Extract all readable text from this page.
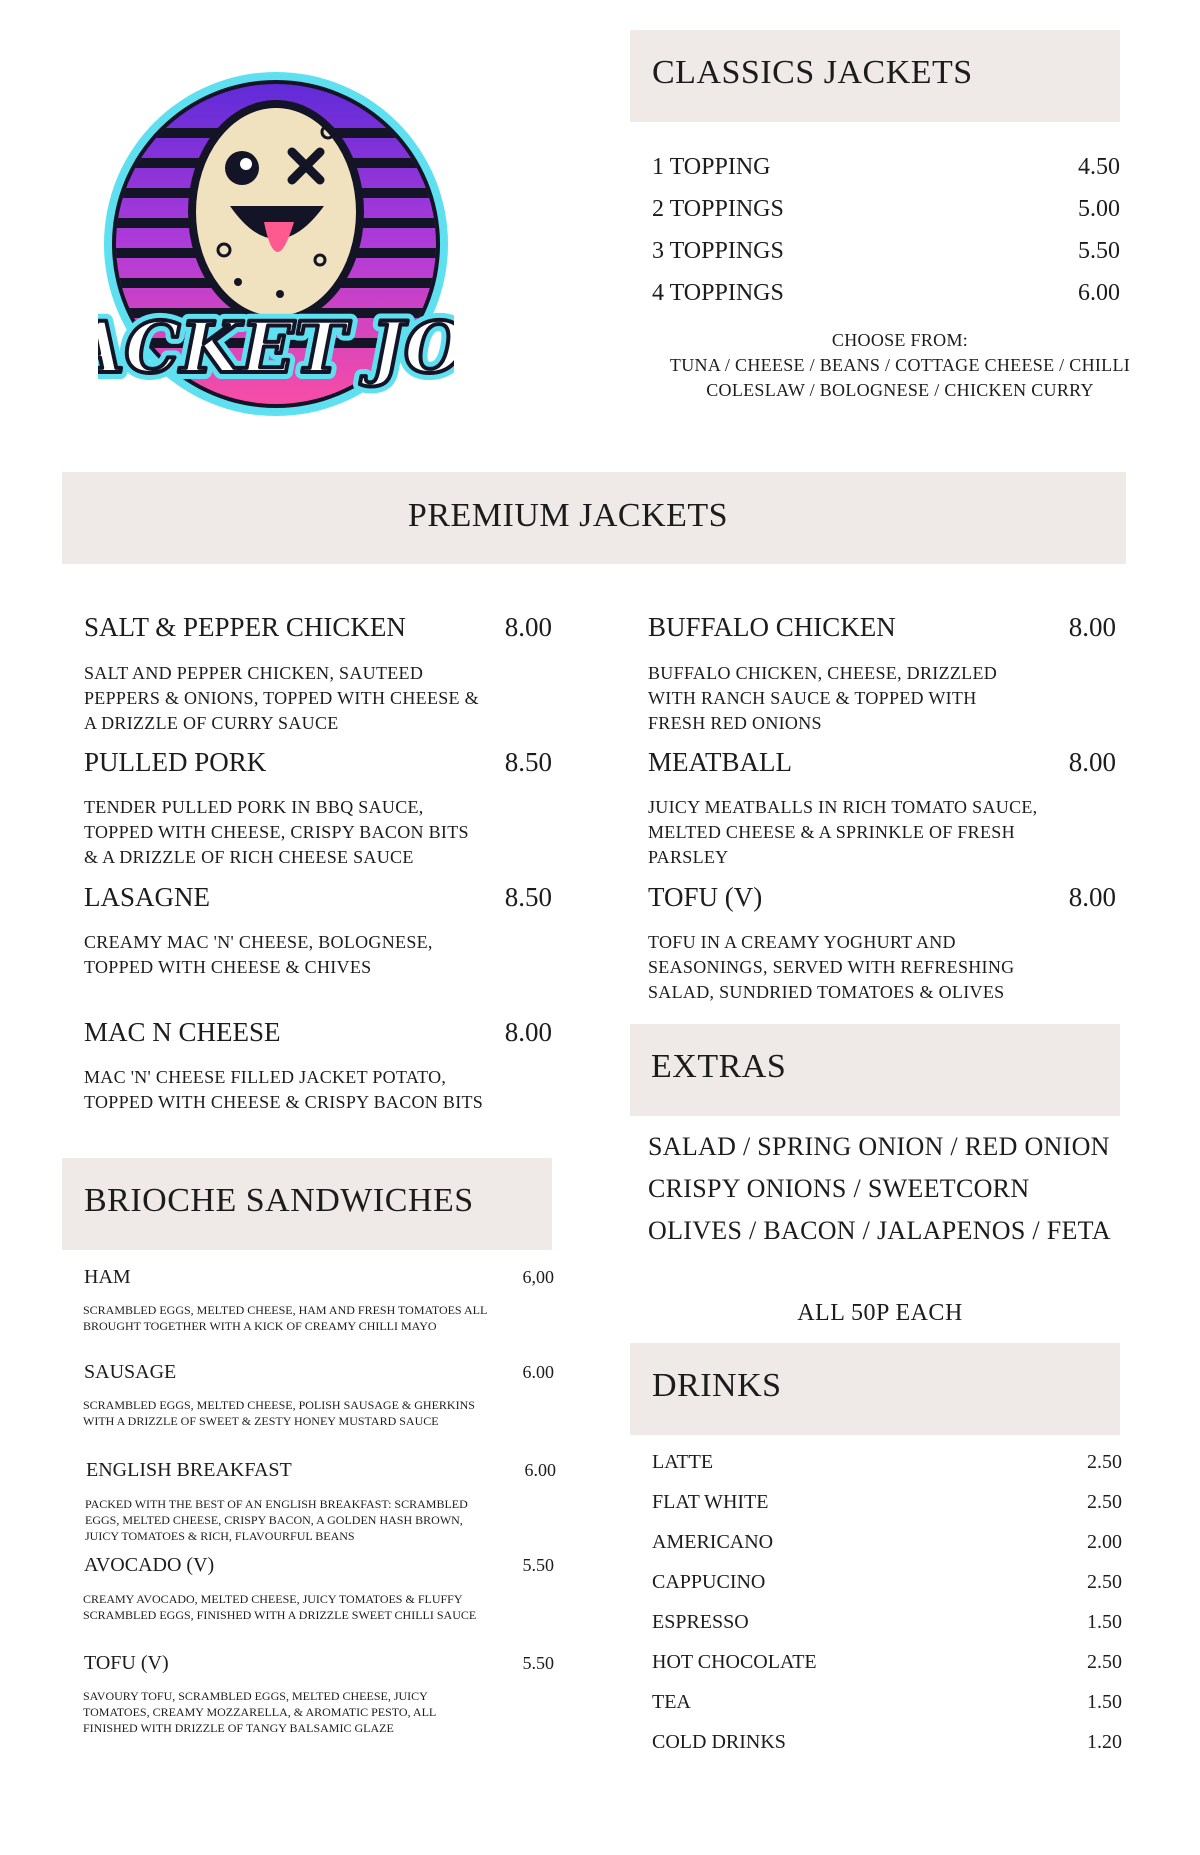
CKET J
CKET J
CLASSICS JACKETS
1 TOPPING	4.50
2 TOPPINGS	5.00
3 TOPPINGS	5.50
4 TOPPINGS	6.00
CHOOSE FROM:
TUNA / CHEESE / BEANS / COTTAGE CHEESE / CHILLI
COLESLAW / BOLOGNESE / CHICKEN CURRY
PREMIUM JACKETS
SALT & PEPPER CHICKEN	8.00
SALT AND PEPPER CHICKEN, SAUTEED PEPPERS & ONIONS, TOPPED WITH CHEESE & A DRIZZLE OF CURRY SAUCE
PULLED PORK	8.50
TENDER PULLED PORK IN BBQ SAUCE, TOPPED WITH CHEESE, CRISPY BACON BITS & A DRIZZLE OF RICH CHEESE SAUCE
LASAGNE	8.50
CREAMY MAC 'N' CHEESE, BOLOGNESE, TOPPED WITH CHEESE & CHIVES
MAC N CHEESE	8.00
MAC 'N' CHEESE FILLED JACKET POTATO, TOPPED WITH CHEESE & CRISPY BACON BITS
BUFFALO CHICKEN	8.00
BUFFALO CHICKEN, CHEESE, DRIZZLED WITH RANCH SAUCE & TOPPED WITH FRESH RED ONIONS
MEATBALL	8.00
JUICY MEATBALLS IN RICH TOMATO SAUCE, MELTED CHEESE & A SPRINKLE OF FRESH PARSLEY
TOFU (V)	8.00
TOFU IN A CREAMY YOGHURT AND SEASONINGS, SERVED WITH REFRESHING SALAD, SUNDRIED TOMATOES & OLIVES
EXTRAS
SALAD / SPRING ONION / RED ONION
CRISPY ONIONS / SWEETCORN
OLIVES / BACON / JALAPENOS / FETA
ALL 50P EACH
BRIOCHE SANDWICHES
HAM	6,00
SCRAMBLED EGGS, MELTED CHEESE, HAM AND FRESH TOMATOES ALL BROUGHT TOGETHER WITH A KICK OF CREAMY CHILLI MAYO
SAUSAGE	6.00
SCRAMBLED EGGS, MELTED CHEESE, POLISH SAUSAGE & GHERKINS WITH A DRIZZLE OF SWEET & ZESTY HONEY MUSTARD SAUCE
ENGLISH BREAKFAST	6.00
PACKED WITH THE BEST OF AN ENGLISH BREAKFAST: SCRAMBLED EGGS, MELTED CHEESE, CRISPY BACON, A GOLDEN HASH BROWN, JUICY TOMATOES & RICH, FLAVOURFUL BEANS
AVOCADO (V)	5.50
CREAMY AVOCADO, MELTED CHEESE, JUICY TOMATOES & FLUFFY SCRAMBLED EGGS, FINISHED WITH A DRIZZLE SWEET CHILLI SAUCE
TOFU (V)	5.50
SAVOURY TOFU, SCRAMBLED EGGS, MELTED CHEESE, JUICY TOMATOES, CREAMY MOZZARELLA, & AROMATIC PESTO, ALL FINISHED WITH DRIZZLE OF TANGY BALSAMIC GLAZE
DRINKS
LATTE	2.50
FLAT WHITE	2.50
AMERICANO	2.00
CAPPUCINO	2.50
ESPRESSO	1.50
HOT CHOCOLATE	2.50
TEA	1.50
COLD DRINKS	1.20
